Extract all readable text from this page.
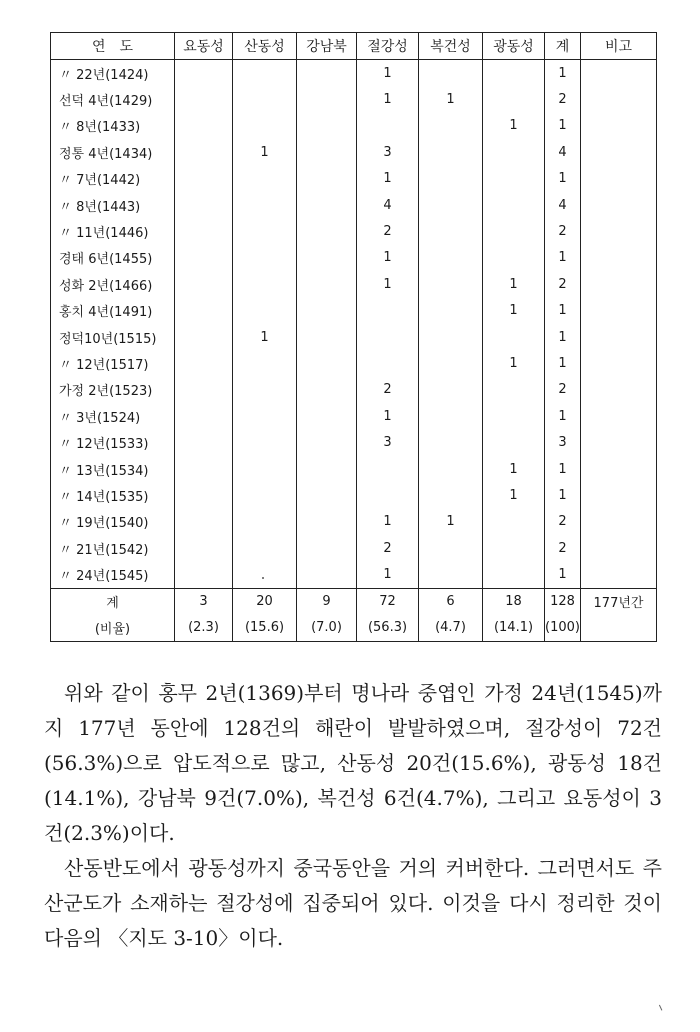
연　도	요동성	산동성	강남북	절강성	복건성	광동성	계	비고
〃 22년(1424)				1			1	
선덕 4년(1429)				1	1		2	
〃 8년(1433)						1	1	
정통 4년(1434)		1		3			4	
〃 7년(1442)				1			1	
〃 8년(1443)				4			4	
〃 11년(1446)				2			2	
경태 6년(1455)				1			1	
성화 2년(1466)				1		1	2	
홍치 4년(1491)						1	1	
정덕10년(1515)		1					1	
〃 12년(1517)						1	1	
가정 2년(1523)				2			2	
〃 3년(1524)				1			1	
〃 12년(1533)				3			3	
〃 13년(1534)						1	1	
〃 14년(1535)						1	1	
〃 19년(1540)				1	1		2	
〃 21년(1542)				2			2	
〃 24년(1545)				1			1	
계	3	20	9	72	6	18	128	177년간
(비율)	(2.3)	(15.6)	(7.0)	(56.3)	(4.7)	(14.1)	(100)	

위와 같이 홍무 2년(1369)부터 명나라 중엽인 가정 24년(1545)까지 177년 동안에 128건의 해란이 발발하였으며, 절강성이 72건(56.3%)으로 압도적으로 많고, 산동성 20건(15.6%), 광동성 18건(14.1%), 강남북 9건(7.0%), 복건성 6건(4.7%), 그리고 요동성이 3건(2.3%)이다.

산동반도에서 광동성까지 중국동안을 거의 커버한다. 그러면서도 주산군도가 소재하는 절강성에 집중되어 있다. 이것을 다시 정리한 것이 다음의 〈지도 3-10〉이다.
